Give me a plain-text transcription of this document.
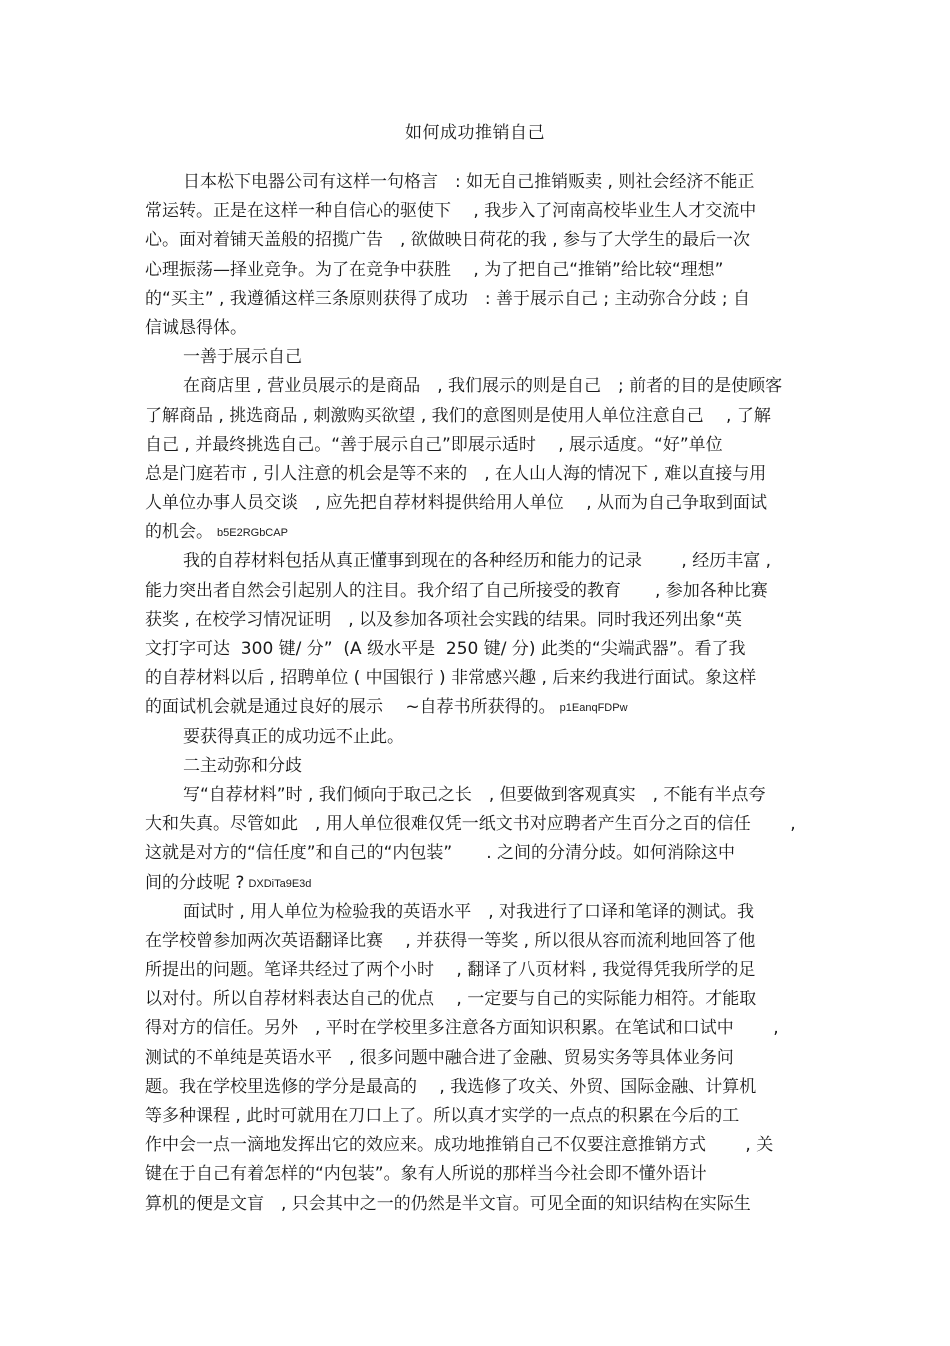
如何成功推销自己
日本松下电器公司有这样一句格言　: 如无自己推销贩卖 , 则社会经济不能正
常运转。正是在这样一种自信心的驱使下　 , 我步入了河南高校毕业生人才交流中
心。面对着铺天盖般的招揽广告　, 欲做映日荷花的我 , 参与了大学生的最后一次
心理振荡—择业竞争。为了在竞争中获胜　 , 为了把自己“推销”给比较“理想”
的“买主” , 我遵循这样三条原则获得了成功　: 善于展示自己 ; 主动弥合分歧 ; 自
信诚恳得体。
一善于展示自己
在商店里 , 营业员展示的是商品　, 我们展示的则是自己　; 前者的目的是使顾客
了解商品 , 挑选商品 , 刺激购买欲望 , 我们的意图则是使用人单位注意自己　 , 了解
自己 , 并最终挑选自己。“善于展示自己”即展示适时　 , 展示适度。“好”单位
总是门庭若市 , 引人注意的机会是等不来的　, 在人山人海的情况下 , 难以直接与用
人单位办事人员交谈　, 应先把自荐材料提供给用人单位　 , 从而为自己争取到面试
的机会。 b5E2RGbCAP
我的自荐材料包括从真正懂事到现在的各种经历和能力的记录　　 , 经历丰富 ,
能力突出者自然会引起别人的注目。我介绍了自己所接受的教育　　, 参加各种比赛
获奖 , 在校学习情况证明　, 以及参加各项社会实践的结果。同时我还列出象“英
文打字可达  300 键/ 分”  (A 级水平是  250 键/ 分) 此类的“尖端武器”。看了我
的自荐材料以后 , 招聘单位 ( 中国银行 ) 非常感兴趣 , 后来约我进行面试。象这样
的面试机会就是通过良好的展示　 ~自荐书所获得的。 p1EanqFDPw
要获得真正的成功远不止此。
二主动弥和分歧
写“自荐材料”时 , 我们倾向于取己之长　, 但要做到客观真实　, 不能有半点夸
大和失真。尽管如此　, 用人单位很难仅凭一纸文书对应聘者产生百分之百的信任　　 ,
这就是对方的“信任度”和自己的“内包装”　　. 之间的分清分歧。如何消除这中
间的分歧呢 ? DXDiTa9E3d
面试时 , 用人单位为检验我的英语水平　, 对我进行了口译和笔译的测试。我
在学校曾参加两次英语翻译比赛　 , 并获得一等奖 , 所以很从容而流利地回答了他
所提出的问题。笔译共经过了两个小时　 , 翻译了八页材料 , 我觉得凭我所学的足
以对付。所以自荐材料表达自己的优点　 , 一定要与自己的实际能力相符。才能取
得对方的信任。另外　, 平时在学校里多注意各方面知识积累。在笔试和口试中　　 ,
测试的不单纯是英语水平　, 很多问题中融合进了金融、贸易实务等具体业务问
题。我在学校里选修的学分是最高的　 , 我选修了攻关、外贸、国际金融、计算机
等多种课程 , 此时可就用在刀口上了。所以真才实学的一点点的积累在今后的工
作中会一点一滴地发挥出它的效应来。成功地推销自己不仅要注意推销方式　　 , 关
键在于自己有着怎样的“内包装”。象有人所说的那样当今社会即不懂外语计
算机的便是文盲　, 只会其中之一的仍然是半文盲。可见全面的知识结构在实际生
